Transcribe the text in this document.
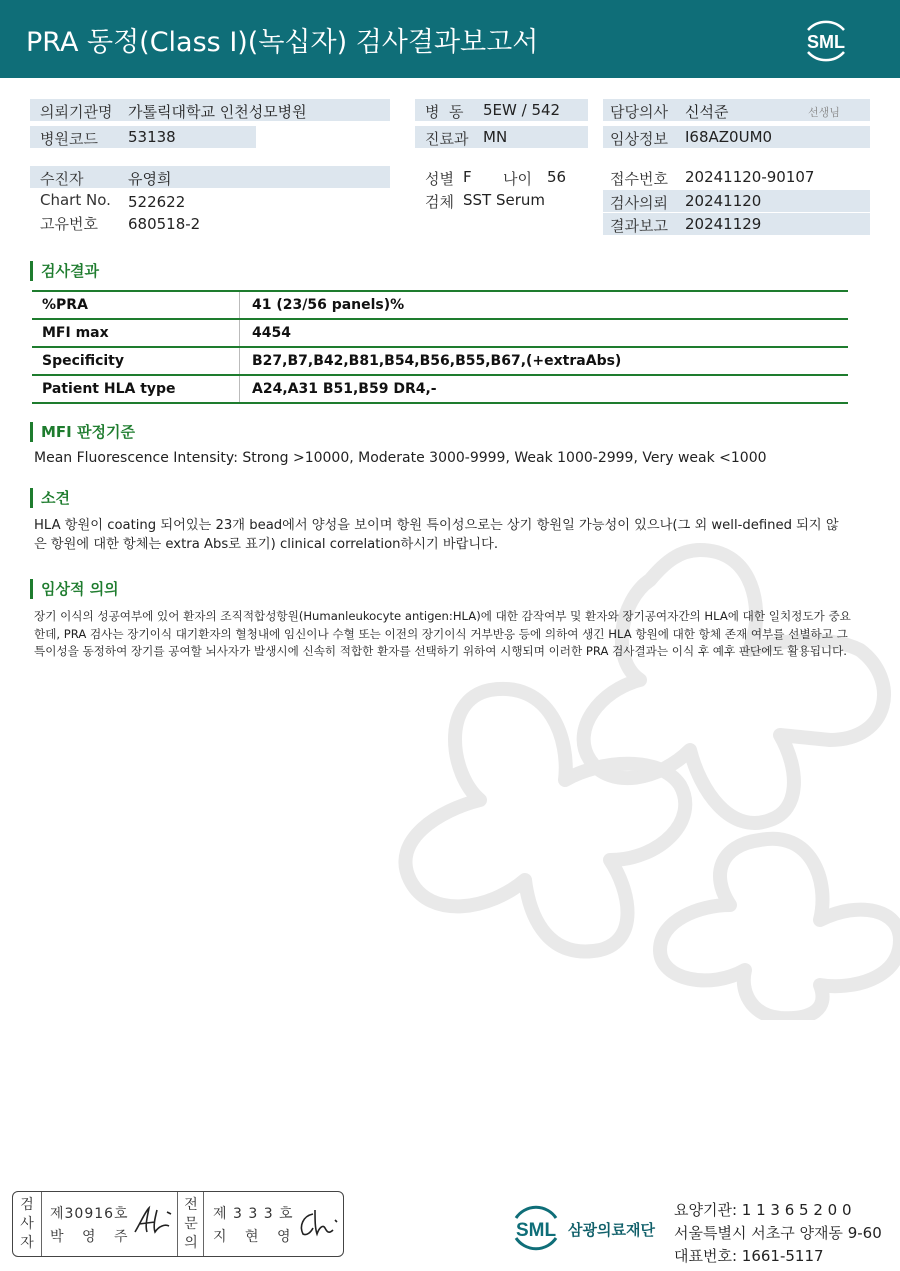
PRA 동정(Class I)(녹십자) 검사결과보고서	SML
의뢰기관명 가톨릭대학교 인천성모병원
병원코드 53138
수진자	유영희
Chart No. 522622
고유번호 680518-2
병  동 5EW / 542
진료과 MN
성별 F 나이 56
검체 SST Serum
담당의사 신석준	선생님
임상정보 I68AZ0UM0
접수번호 20241120-90107
검사의뢰 20241120
결과보고 20241129
검사결과
%PRA	41 (23/56 panels)%
MFI max	4454
Specificity	B27,B7,B42,B81,B54,B56,B55,B67,(+extraAbs)
Patient HLA type	A24,A31 B51,B59 DR4,-
MFI 판정기준
Mean Fluorescence Intensity: Strong >10000, Moderate 3000-9999, Weak 1000-2999, Very weak <1000
소견
HLA 항원이 coating 되어있는 23개 bead에서 양성을 보이며 항원 특이성으로는 상기 항원일 가능성이 있으나(그 외 well-defined 되지 않은 항원에 대한 항체는 extra Abs로 표기) clinical correlation하시기 바랍니다.
임상적 의의
장기 이식의 성공여부에 있어 환자의 조직적합성항원(Humanleukocyte antigen:HLA)에 대한 감작여부 및 환자와 장기공여자간의 HLA에 대한 일치정도가 중요한데, PRA 검사는 장기이식 대기환자의 혈청내에 임신이나 수혈 또는 이전의 장기이식 거부반응 등에 의하여 생긴 HLA 항원에 대한 항체 존재 여부를 선별하고 그 특이성을 동정하여 장기를 공여할 뇌사자가 발생시에 신속히 적합한 환자를 선택하기 위하여 시행되며 이러한 PRA 검사결과는 이식 후 예후 판단에도 활용됩니다.
검사자
제30916호
박 영 주
전문의
제 3 3 3 호
지 현 영	SML 삼광의료재단
요양기관: 1 1 3 6 5 2 0 0
서울특별시 서초구 양재동 9-60
대표번호: 1661-5117
